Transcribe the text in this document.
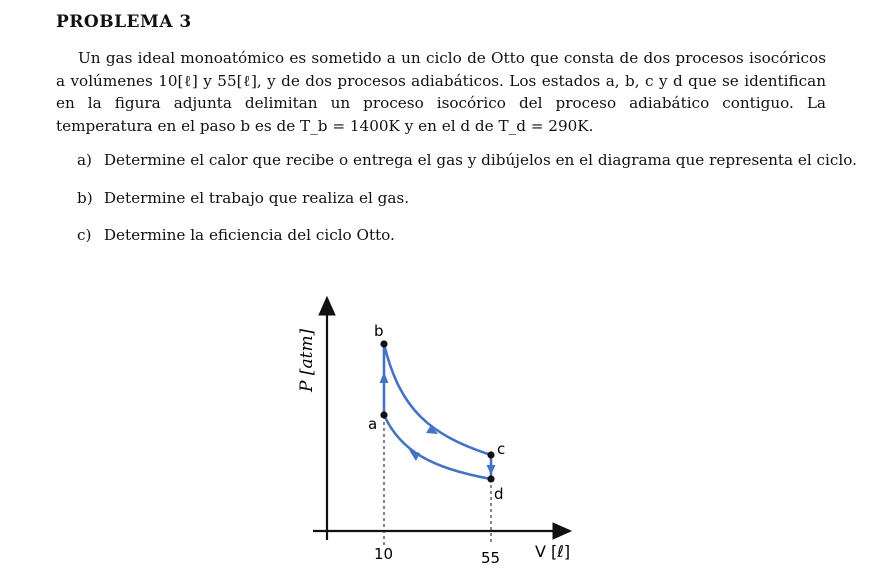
PROBLEMA 3
Un gas ideal monoatómico es sometido a un ciclo de Otto que consta de dos procesos isocóricos a volúmenes 10[ℓ] y 55[ℓ], y de dos procesos adiabáticos. Los estados a, b, c y d que se identifican en la figura adjunta delimitan un proceso isocórico del proceso adiabático contiguo. La temperatura en el paso b es de T_b = 1400K y en el d de T_d = 290K.
a) Determine el calor que recibe o entrega el gas y dibújelos en el diagrama que representa el ciclo.
b) Determine el trabajo que realiza el gas.
c) Determine la eficiencia del ciclo Otto.
b
a
c
d
10	55 V [ℓ]
P [atm]
